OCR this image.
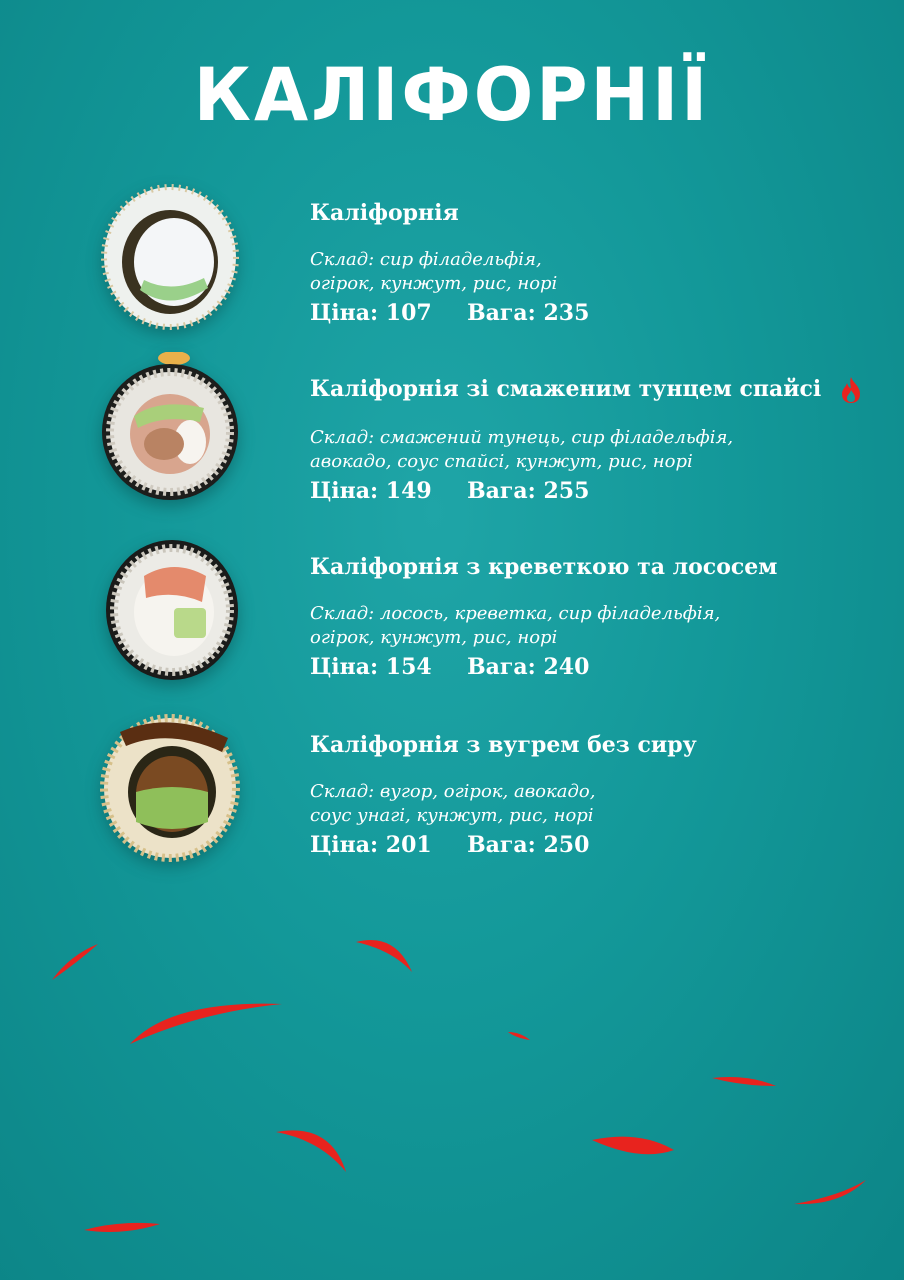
КАЛІФОРНІЇ
Каліфорнія
Склад: сир філадельфія,
огірок, кунжут, рис, норі
Ціна: 107 Вага: 235
Каліфорнія зі смаженим тунцем спайсі
Склад: смажений тунець, сир філадельфія,
авокадо, соус спайсі, кунжут, рис, норі
Ціна: 149 Вага: 255
Каліфорнія з креветкою та лососем
Склад: лосось, креветка, сир філадельфія,
огірок, кунжут, рис, норі
Ціна: 154 Вага: 240
Каліфорнія з вугрем без сиру
Склад: вугор, огірок, авокадо,
соус унагі, кунжут, рис, норі
Ціна: 201 Вага: 250
